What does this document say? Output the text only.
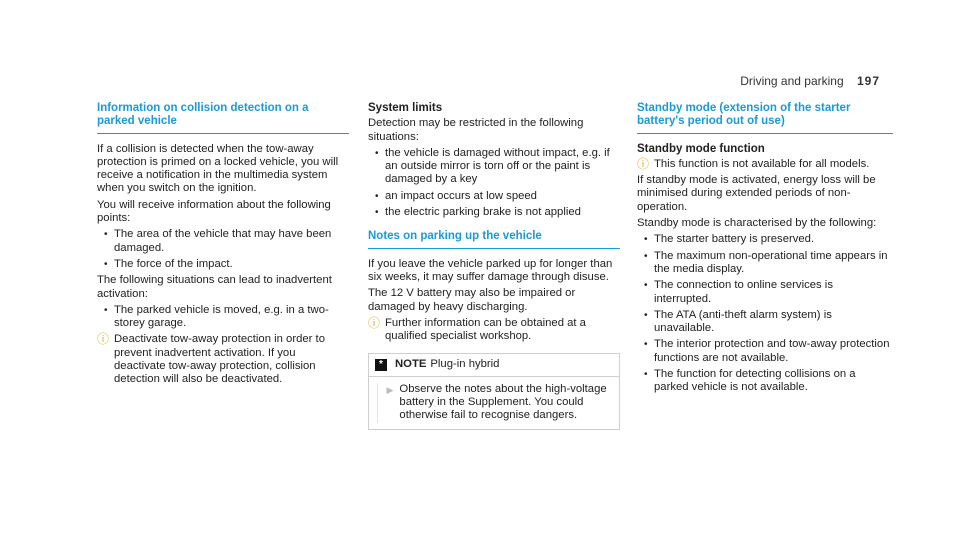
Driving and parking 197
Information on collision detection on a parked vehicle

If a collision is detected when the tow-away protection is primed on a locked vehicle, you will receive a notification in the multimedia system when you switch on the ignition.

You will receive information about the following points:

• The area of the vehicle that may have been damaged.
• The force of the impact.

The following situations can lead to inadvertent activation:

• The parked vehicle is moved, e.g. in a two-storey garage.
ⓘ Deactivate tow-away protection in order to prevent inadvertent activation. If you deactivate tow-away protection, collision detection will also be deactivated.
System limits

Detection may be restricted in the following situations:

• the vehicle is damaged without impact, e.g. if an outside mirror is torn off or the paint is damaged by a key
• an impact occurs at low speed
• the electric parking brake is not applied
Notes on parking up the vehicle

If you leave the vehicle parked up for longer than six weeks, it may suffer damage through disuse.

The 12 V battery may also be impaired or damaged by heavy discharging.

ⓘ Further information can be obtained at a qualified specialist workshop.
*	NOTE Plug-in hybrid
▶ Observe the notes about the high-voltage battery in the Supplement. You could otherwise fail to recognise dangers.
Standby mode (extension of the starter battery's period out of use)
Standby mode function
ⓘ This function is not available for all models.

If standby mode is activated, energy loss will be minimised during extended periods of non-operation.

Standby mode is characterised by the following:

• The starter battery is preserved.
• The maximum non-operational time appears in the media display.
• The connection to online services is interrupted.
• The ATA (anti-theft alarm system) is unavailable.
• The interior protection and tow-away protection functions are not available.
• The function for detecting collisions on a parked vehicle is not available.
